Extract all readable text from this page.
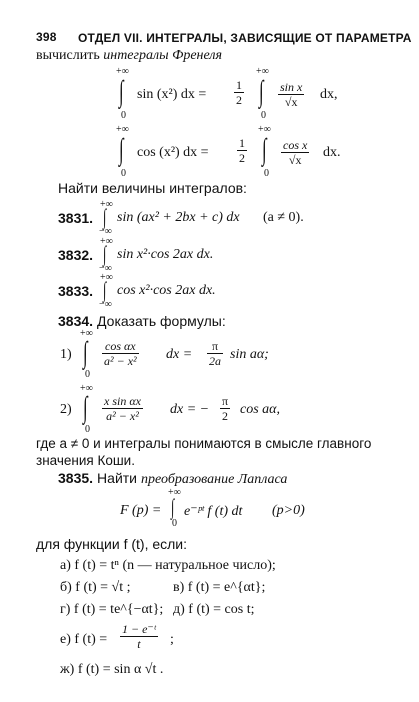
398 ОТДЕЛ VII. ИНТЕГРАЛЫ, ЗАВИСЯЩИЕ ОТ ПАРАМЕТРА
вычислить интегралы Френеля
+∞
∫
0
sin (x²) dx = $\frac{1}{2}$
+∞
∫
0
$\frac{\text{sin x}}{√x}$ dx,
+∞
∫
0
cos (x²) dx = $\frac{1}{2}$
+∞
∫
0
$\frac{\text{cos x}}{√x}$ dx.
Найти величины интегралов:
3831.
+∞
∫
−∞
sin (ax² + 2bx + c) dx (a ≠ 0).
3832.
+∞
∫
−∞
sin x²·cos 2ax dx.
3833.
+∞
∫
−∞
cos x²·cos 2ax dx.
3834. Доказать формулы:
1)
+∞
∫
0
$\frac{\text{cos αx}}{\text{a² − x²}}$ dx = $\frac{\pi}{2a}$ sin aα;
2)
+∞
∫
0
$\frac{\text{x sin αx}}{\text{a² − x²}}$ dx = − $\frac{\pi}{2}$ cos aα,
где a ≠ 0 и интегралы понимаются в смысле главного
значения Коши.
3835. Найти преобразование Лапласа
F (p) =
+∞
∫
0
e⁻ᵖᵗ f (t) dt (p>0)
для функции f (t), если:
а) f (t) = tⁿ (n — натуральное число);
б) f (t) = √t ;	в) f (t) = e^{αt};
г) f (t) = te^{−αt}; д) f (t) = cos t;
е) f $(t) = \frac{\text{1 − e⁻ᵗ}}{t}$ ;
ж) f (t) = sin α √t .
